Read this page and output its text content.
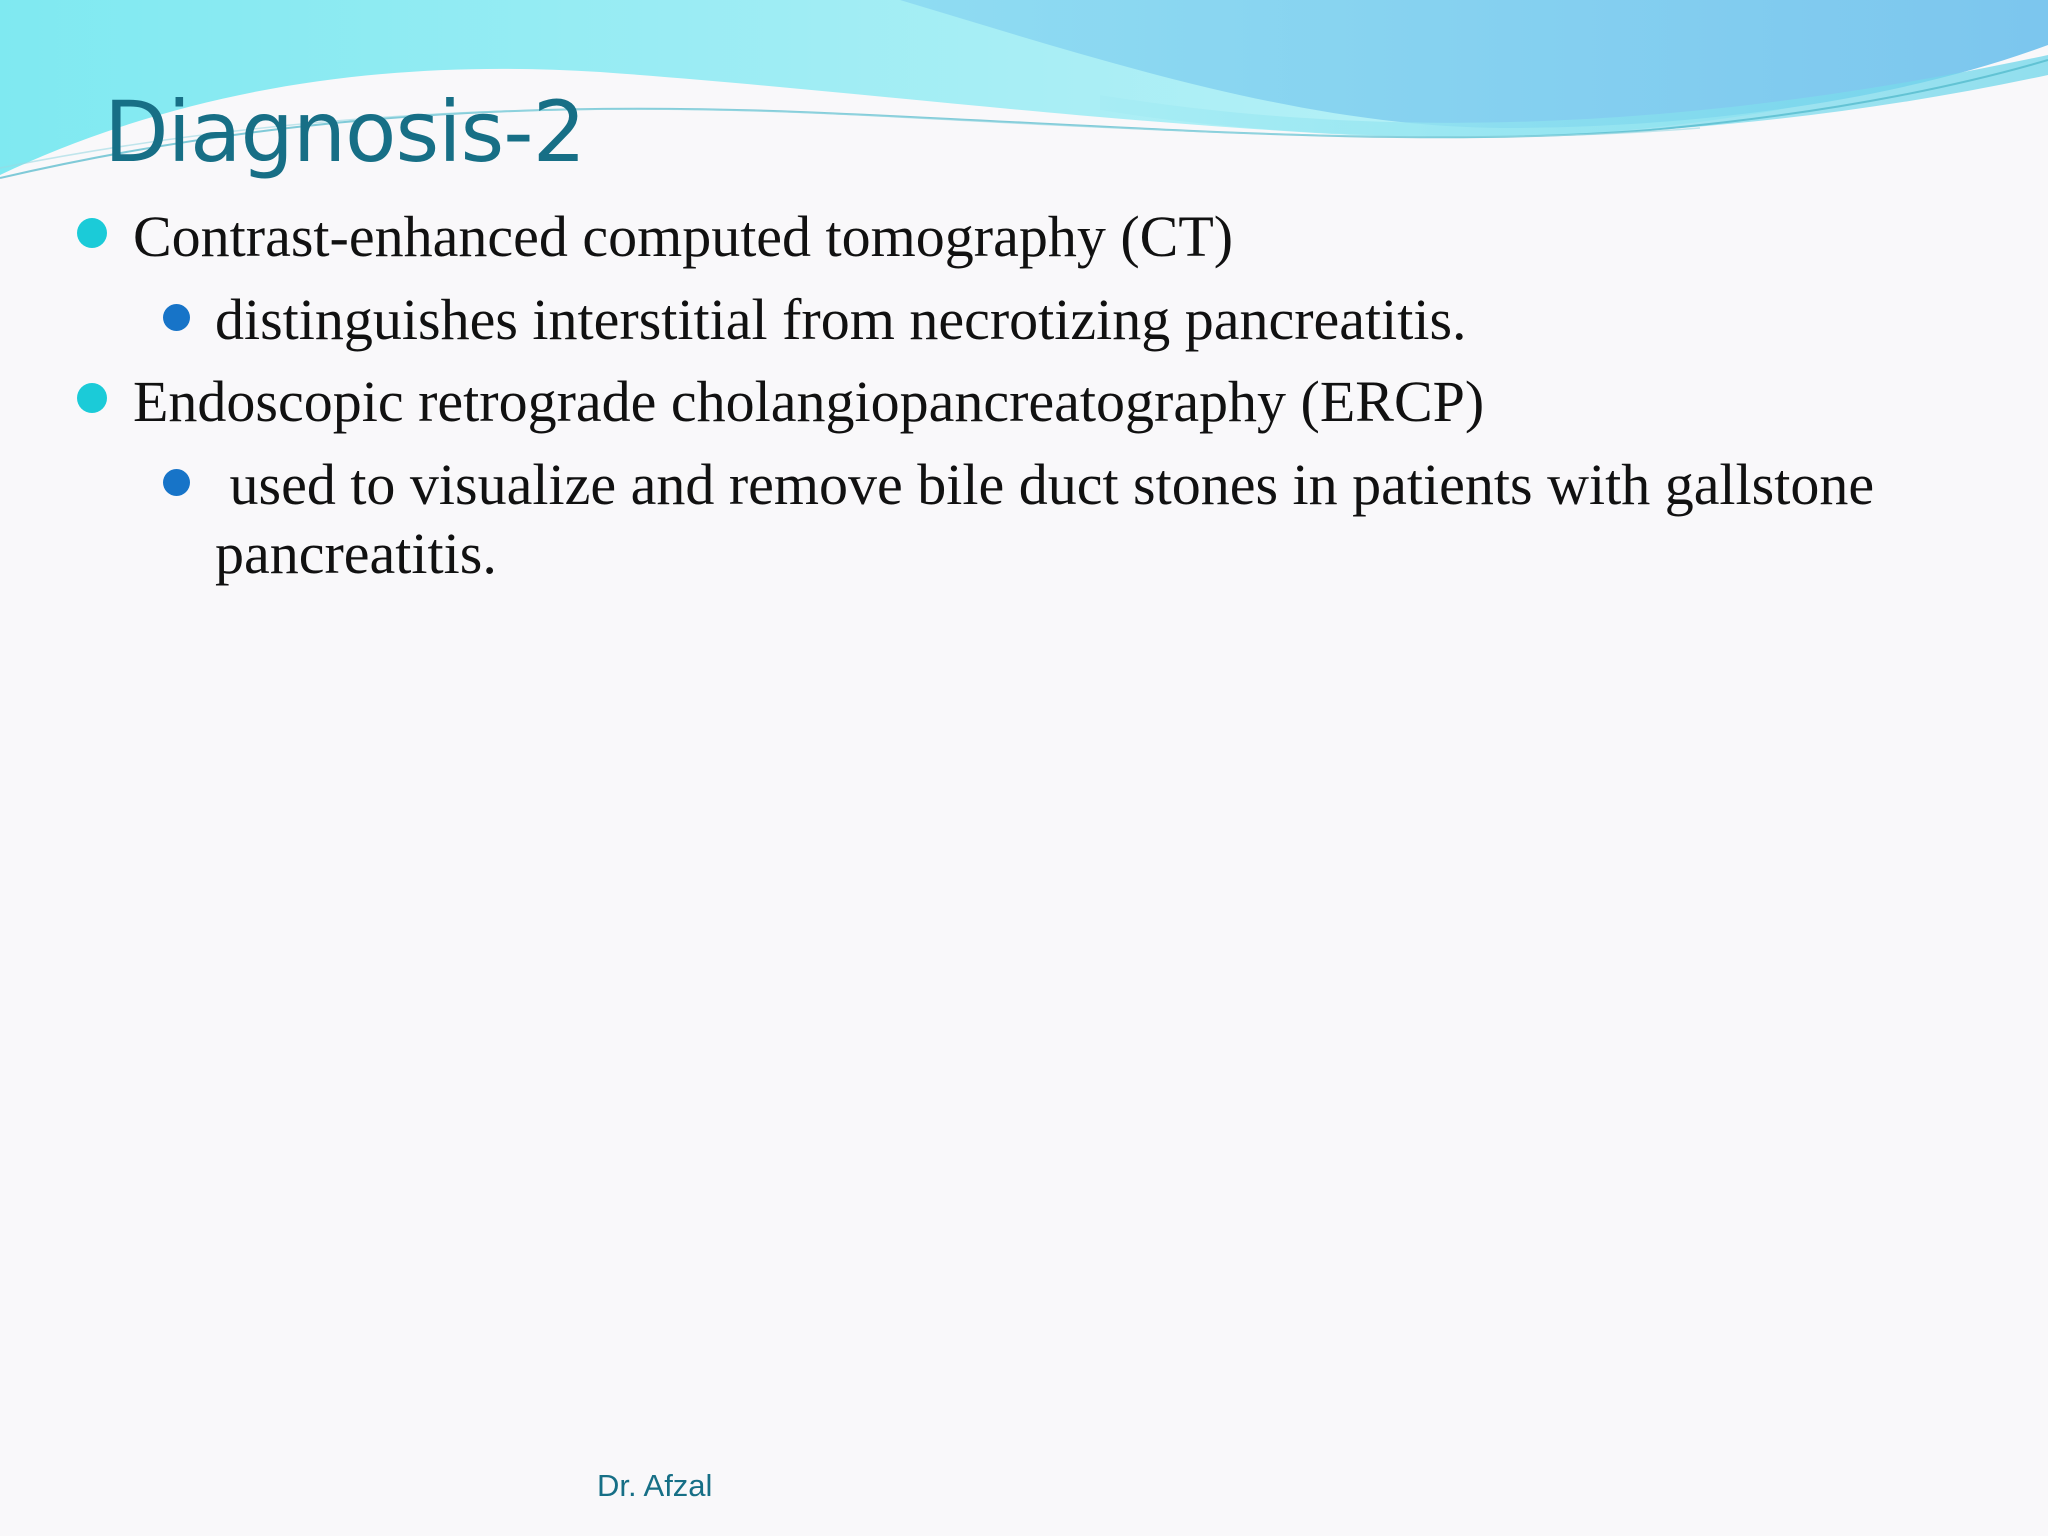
Diagnosis-2
Contrast-enhanced computed tomography (CT)
distinguishes interstitial from necrotizing pancreatitis.
Endoscopic retrograde cholangiopancreatography (ERCP)
used to visualize and remove bile duct stones in patients with gallstone
pancreatitis.
Dr. Afzal
